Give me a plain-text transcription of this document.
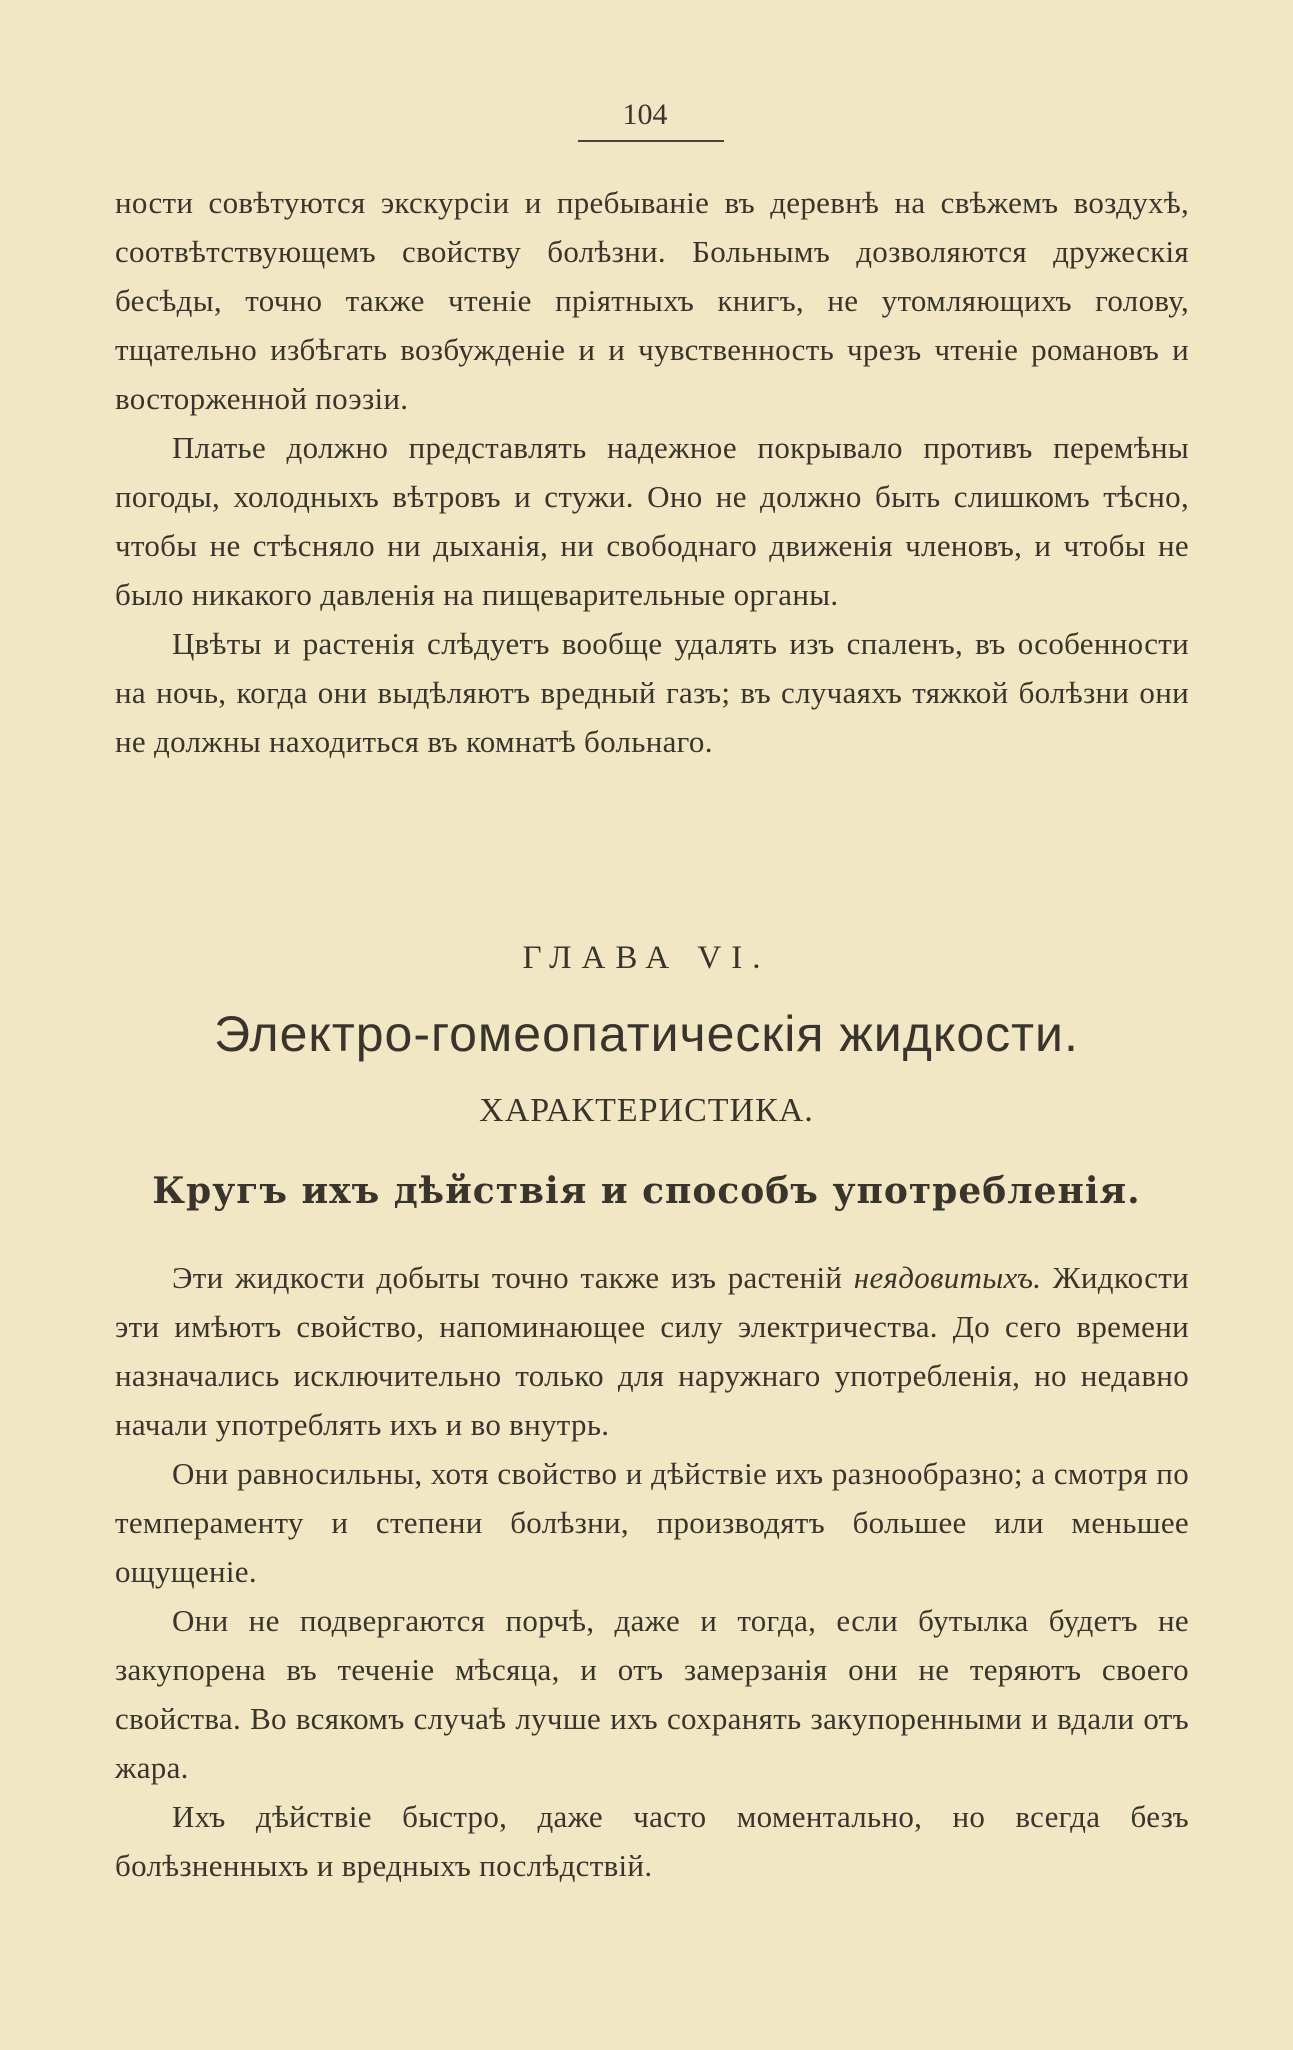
104

ности совѣтуются экскурсіи и пребываніе въ деревнѣ на свѣжемъ воздухѣ, соотвѣтствующемъ свойству болѣзни. Больнымъ дозволяются дружескія бесѣды, точно также чтеніе пріятныхъ книгъ, не утомляющихъ голову, тщательно избѣгать возбужденіе и и чувственность чрезъ чтеніе романовъ и восторженной поэзіи.

Платье должно представлять надежное покрывало противъ перемѣны погоды, холодныхъ вѣтровъ и стужи. Оно не должно быть слишкомъ тѣсно, чтобы не стѣсняло ни дыханія, ни свободнаго движенія членовъ, и чтобы не было никакого давленія на пищеварительные органы.

Цвѣты и растенія слѣдуетъ вообще удалять изъ спаленъ, въ особенности на ночь, когда они выдѣляютъ вредный газъ; въ случаяхъ тяжкой болѣзни они не должны находиться въ комнатѣ больнаго.

ГЛАВА VI.
Электро-гомеопатическія жидкости.
ХАРАКТЕРИСТИКА.
Кругъ ихъ дѣйствія и способъ употребленія.

Эти жидкости добыты точно также изъ растеній неядовитыхъ. Жидкости эти имѣютъ свойство, напоминающее силу электричества. До сего времени назначались исключительно только для наружнаго употребленія, но недавно начали употреблять ихъ и во внутрь.

Они равносильны, хотя свойство и дѣйствіе ихъ разнообразно; а смотря по темпераменту и степени болѣзни, производятъ большее или меньшее ощущеніе.

Они не подвергаются порчѣ, даже и тогда, если бутылка будетъ не закупорена въ теченіе мѣсяца, и отъ замерзанія они не теряютъ своего свойства. Во всякомъ случаѣ лучше ихъ сохранять закупоренными и вдали отъ жара.

Ихъ дѣйствіе быстро, даже часто моментально, но всегда безъ болѣзненныхъ и вредныхъ послѣдствій.
